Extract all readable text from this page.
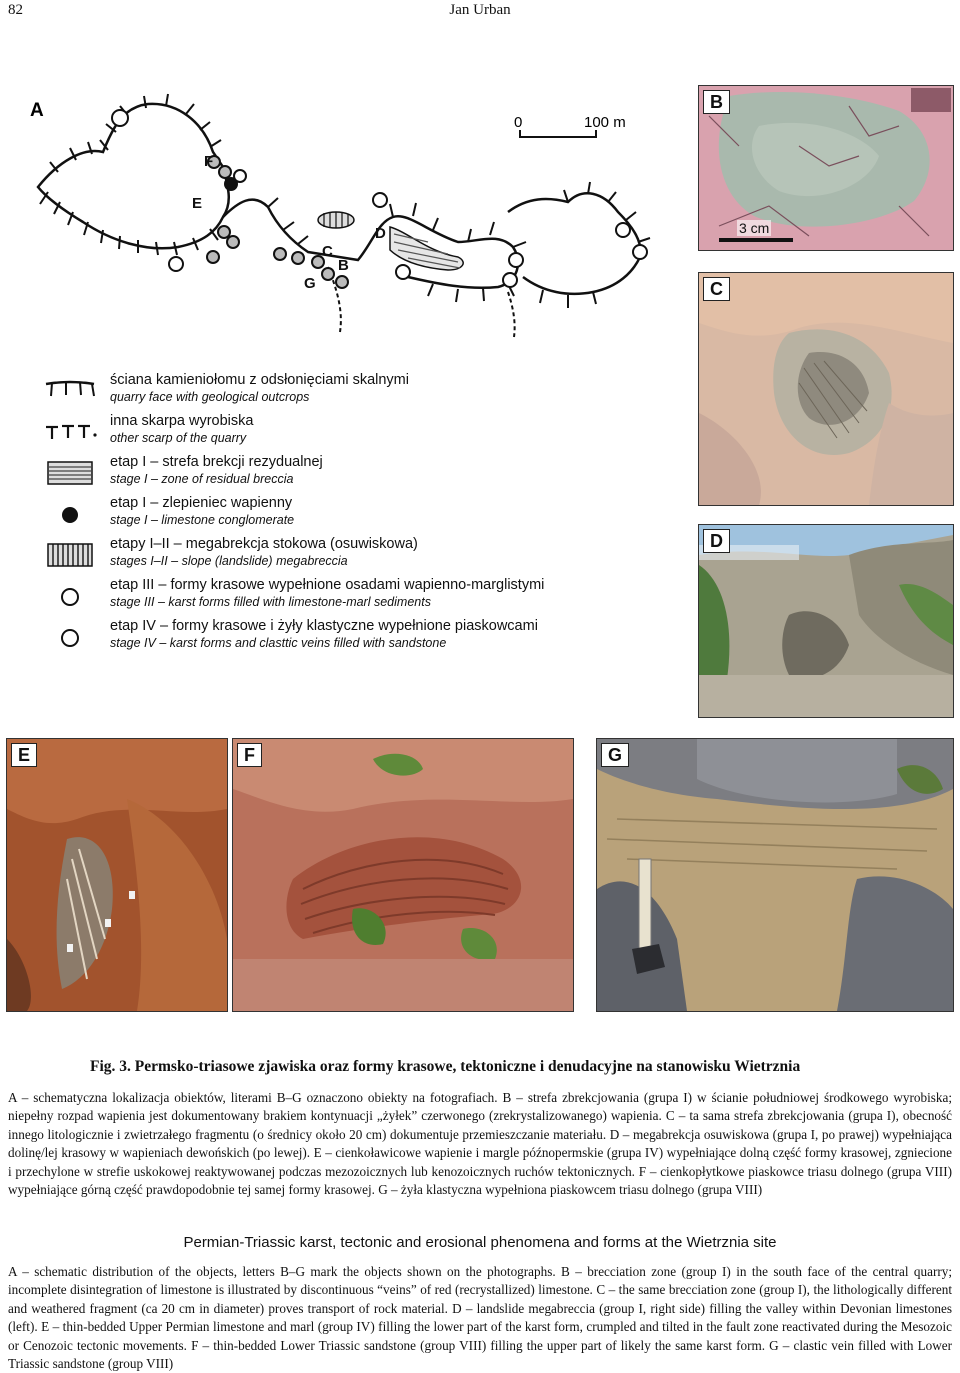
82	Jan Urban
A
0	100 m
F
E
D
C
B
G
ściana kamieniołomu z odsłonięciami skalnymi
quarry face with geological outcrops
inna skarpa wyrobiska
other scarp of the quarry
etap I – strefa brekcji rezydualnej
stage I – zone of residual breccia
etap I – zlepieniec wapienny
stage I – limestone conglomerate
etapy I–II – megabrekcja stokowa (osuwiskowa)
stages I–II – slope (landslide) megabreccia
etap III – formy krasowe wypełnione osadami wapienno-marglistymi
stage III – karst forms filled with limestone-marl sediments
etap IV – formy krasowe i żyły klastyczne wypełnione piaskowcami
stage IV – karst forms and clasttic veins filled with sandstone
B
3 cm
C
D
E	F	G
Fig. 3. Permsko-triasowe zjawiska oraz formy krasowe, tektoniczne i denudacyjne na stanowisku Wietrznia
A – schematyczna lokalizacja obiektów, literami B–G oznaczono obiekty na fotografiach. B – strefa zbrekcjowania (grupa I) w ścianie południowej środkowego wyrobiska; niepełny rozpad wapienia jest dokumentowany brakiem kontynuacji „żyłek” czerwonego (zrekrystalizowanego) wapienia. C – ta sama strefa zbrekcjowania (grupa I), obecność innego litologicznie i zwietrzałego fragmentu (o średnicy około 20 cm) dokumentuje przemieszczanie materiału. D – megabrekcja osuwiskowa (grupa I, po prawej) wypełniająca dolinę/lej krasowy w wapieniach dewońskich (po lewej). E – cienkoławicowe wapienie i margle późnopermskie (grupa IV) wypełniające dolną część formy krasowej, zgniecione i przechylone w strefie uskokowej reaktywowanej podczas mezozoicznych lub kenozoicznych ruchów tektonicznych. F – cienkopłytkowe piaskowce triasu dolnego (grupa VIII) wypełniające górną część prawdopodobnie tej samej formy krasowej. G – żyła klastyczna wypełniona piaskowcem triasu dolnego (grupa VIII)
Permian-Triassic karst, tectonic and erosional phenomena and forms at the Wietrznia site
A – schematic distribution of the objects, letters B–G mark the objects shown on the photographs. B – brecciation zone (group I) in the south face of the central quarry; incomplete disintegration of limestone is illustrated by discontinuous “veins” of red (recrystallized) limestone. C – the same brecciation zone (group I), the lithologically different and weathered fragment (ca 20 cm in diameter) proves transport of rock material. D – landslide megabreccia (group I, right side) filling the valley within Devonian limestones (left). E – thin-bedded Upper Permian limestone and marl (group IV) filling the lower part of the karst form, crumpled and tilted in the fault zone reactivated during the Mesozoic or Cenozoic tectonic movements. F – thin-bedded Lower Triassic sandstone (group VIII) filling the upper part of likely the same karst form. G – clastic vein filled with Lower Triassic sandstone (group VIII)
